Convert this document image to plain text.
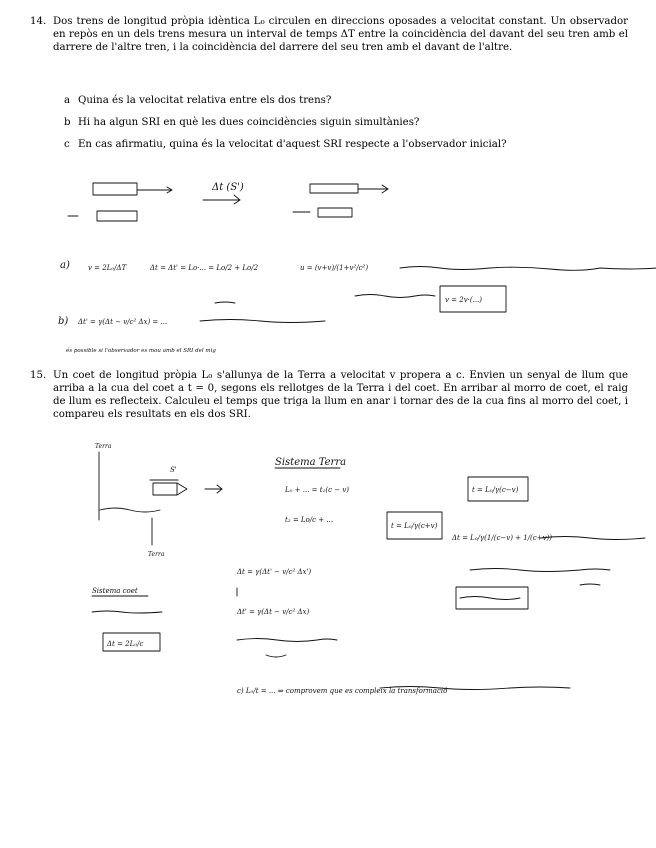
14. Dos trens de longitud pròpia idèntica L₀ circulen en direccions oposades a velocitat constant. Un observador en repòs en un dels trens mesura un interval de temps ΔT entre la coincidència del davant del seu tren amb el darrere de l'altre tren, i la coincidència del darrere del seu tren amb el davant de l'altre.
a Quina és la velocitat relativa entre els dos trens?
b Hi ha algun SRI en què les dues coincidències siguin simultànies?
c En cas afirmatiu, quina és la velocitat d'aquest SRI respecte a l'observador inicial?
Δt (S')
a)	v = 2L₀/ΔT	Δt = Δt' = Lo·... = Lo/2 + Lo/2	u = (v+v)/(1+v²/c²)
v = 2v·(...)
b) Δt' = γ(Δt − v/c² Δx) = ...
és possible si l'observador es mou amb el SRI del mig
15. Un coet de longitud pròpia L₀ s'allunya de la Terra a velocitat v propera a c. Envien un senyal de llum que arriba a la cua del coet a t = 0, segons els rellotges de la Terra i del coet. En arribar al morro de coet, el raig de llum es reflecteix. Calculeu el temps que triga la llum en anar i tornar des de la cua fins al morro del coet, i compareu els resultats en els dos SRI.
Terra
Terra
S'
Sistema Terra
L₀ + ... = t₁(c − v)	t = L₀/γ(c−v)
t₂ = Lo/c + ...
t = L₀/γ(c+v)
Δt = L₀/γ(1/(c−v) + 1/(c+v))
Sistema coet
Δt = 2L₀/c
Δt = γ(Δt' − v/c² Δx')
Δt' = γ(Δt − v/c² Δx)
c) L₀/t = ... ⇒ comprovem que es compleix la transformació
